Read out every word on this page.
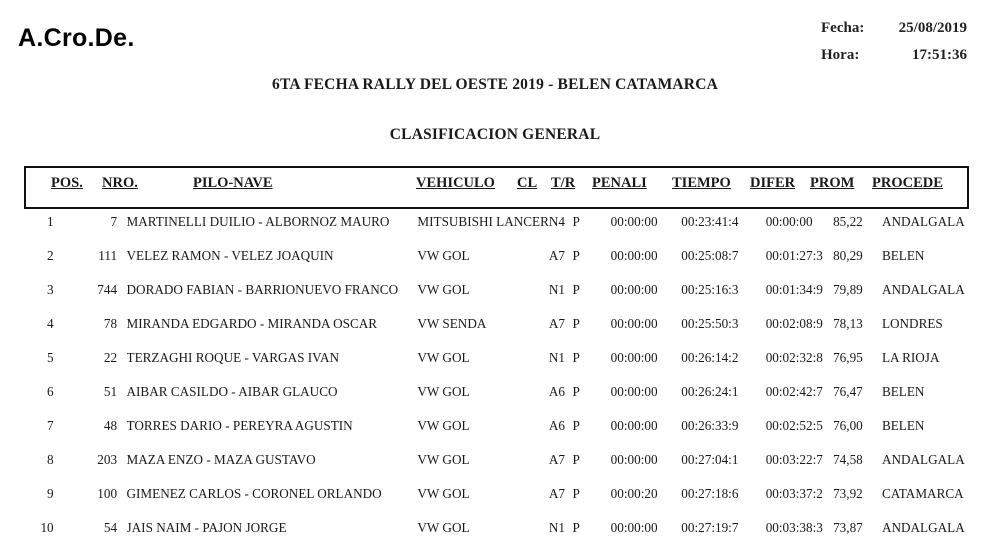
A.Cro.De.	Fecha:
Hora:
25/08/2019
17:51:36
6TA FECHA RALLY DEL OESTE 2019 - BELEN CATAMARCA
CLASIFICACION GENERAL
POS. NRO.	PILO-NAVE	VEHICULO CL T/R PENALI TIEMPO DIFER PROM PROCEDE
1		7		MARTINELLI DUILIO - ALBORNOZ MAURO	MITSUBISHI LANCER	N4	P	00:00:00	00:23:41:4	00:00:00	85,22	ANDALGALA
2		111		VELEZ RAMON - VELEZ JOAQUIN	VW GOL	A7	P	00:00:00	00:25:08:7	00:01:27:3	80,29	BELEN
3		744		DORADO FABIAN - BARRIONUEVO FRANCO	VW GOL	N1	P	00:00:00	00:25:16:3	00:01:34:9	79,89	ANDALGALA
4		78		MIRANDA EDGARDO - MIRANDA OSCAR	VW SENDA	A7	P	00:00:00	00:25:50:3	00:02:08:9	78,13	LONDRES
5		22		TERZAGHI ROQUE - VARGAS IVAN	VW GOL	N1	P	00:00:00	00:26:14:2	00:02:32:8	76,95	LA RIOJA
6		51		AIBAR CASILDO - AIBAR GLAUCO	VW GOL	A6	P	00:00:00	00:26:24:1	00:02:42:7	76,47	BELEN
7		48		TORRES DARIO - PEREYRA AGUSTIN	VW GOL	A6	P	00:00:00	00:26:33:9	00:02:52:5	76,00	BELEN
8		203		MAZA ENZO - MAZA GUSTAVO	VW GOL	A7	P	00:00:00	00:27:04:1	00:03:22:7	74,58	ANDALGALA
9		100		GIMENEZ CARLOS - CORONEL ORLANDO	VW GOL	A7	P	00:00:20	00:27:18:6	00:03:37:2	73,92	CATAMARCA
10		54		JAIS NAIM - PAJON JORGE	VW GOL	N1	P	00:00:00	00:27:19:7	00:03:38:3	73,87	ANDALGALA
